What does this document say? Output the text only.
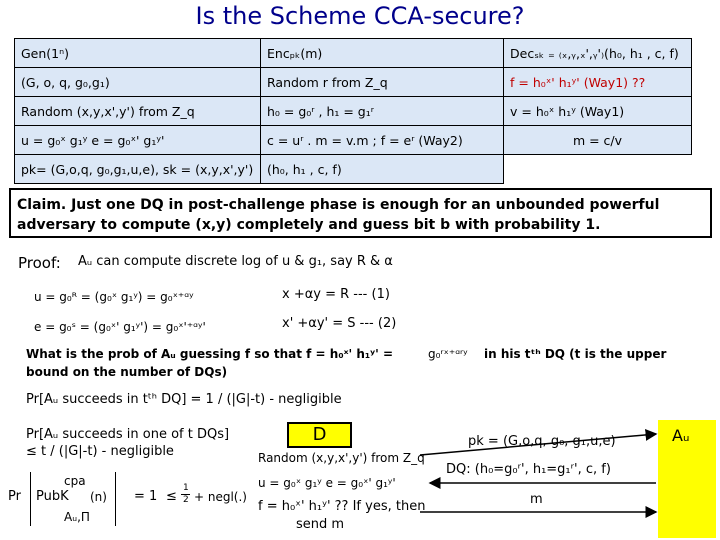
Is the Scheme CCA-secure?
Gen(1ⁿ)	Encₚₖ(m)	Decₛₖ ₌ ₍ₓ,ᵧ,ₓ',ᵧ'₎(h₀, h₁ , c, f)
(G, o, q, g₀,g₁)	Random r from Z_q	f = h₀ˣ' h₁ʸ' (Way1) ??
Random (x,y,x',y') from Z_q	h₀ = g₀ʳ , h₁ = g₁ʳ	v = h₀ˣ h₁ʸ (Way1)
u = g₀ˣ g₁ʸ e = g₀ˣ' g₁ʸ'	c = uʳ . m = v.m ; f = eʳ (Way2)	m = c/v
pk= (G,o,q, g₀,g₁,u,e), sk = (x,y,x',y')	(h₀, h₁ , c, f)	
Claim. Just one DQ in post-challenge phase is enough for an unbounded powerful adversary to compute (x,y) completely and guess bit b with probability 1.
Proof: Aᵤ can compute discrete log of u & g₁, say R & α
u = g₀ᴿ = (g₀ˣ g₁ʸ) = g₀ˣ⁺ᵅʸ	x +αy = R --- (1)
e = g₀ˢ = (g₀ˣ' g₁ʸ') = g₀ˣ'⁺ᵅʸ'	x' +αy' = S --- (2)
What is the prob of Aᵤ guessing f so that f = h₀ˣ' h₁ʸ' =	g₀ʳˣ⁺ᵅʳʸ in his tᵗʰ DQ (t is the upper
bound on the number of DQs)
Pr[Aᵤ succeeds in tᵗʰ DQ] = 1 / (|G|-t) - negligible
Pr[Aᵤ succeeds in one of t DQs]
≤ t / (|G|-t) - negligible
Pr
cpa
PubK (n)
Aᵤ,Π
= 1 ≤
1
2 + negl(.)
D
Random (x,y,x',y') from Z_q
u = g₀ˣ g₁ʸ e = g₀ˣ' g₁ʸ'
f = h₀ˣ' h₁ʸ' ?? If yes, then
send m
pk = (G,o,q, g₀, g₁,u,e)
DQ: (h₀=g₀ʳ', h₁=g₁ʳ', c, f)
m
Aᵤ
